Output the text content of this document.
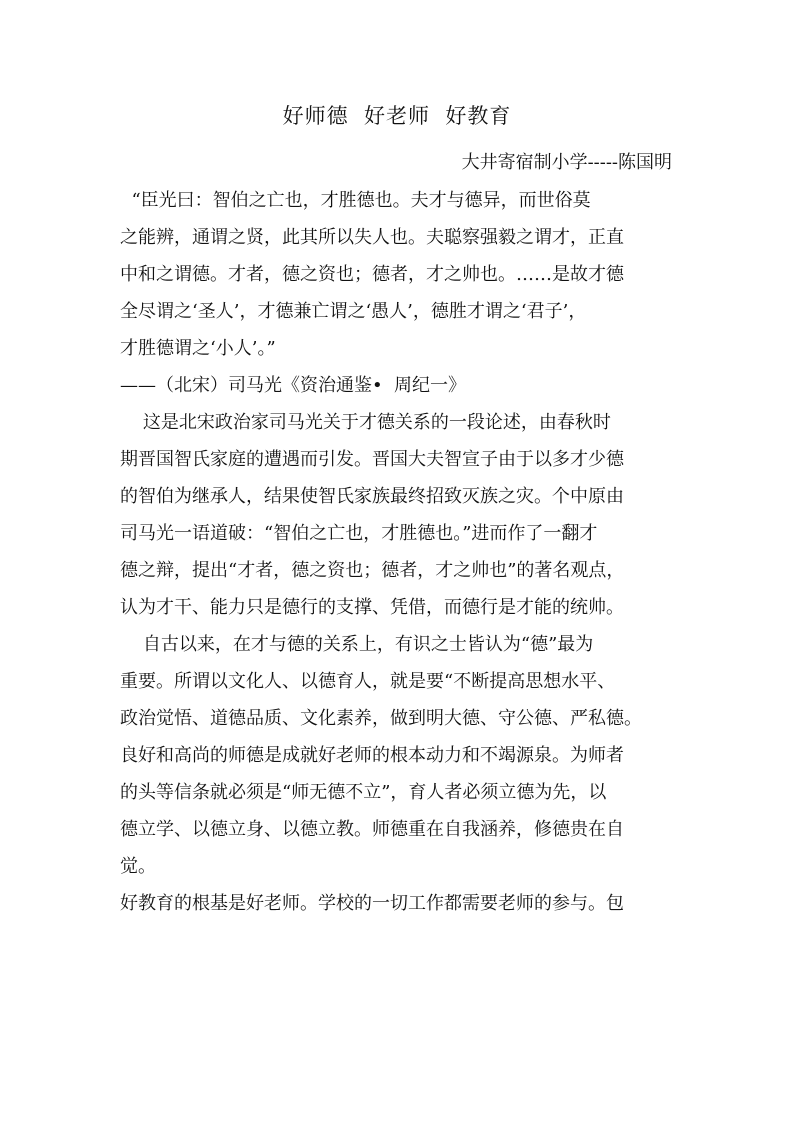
好师德  好老师  好教育
大井寄宿制小学-----陈国明
“臣光曰：智伯之亡也，才胜德也。夫才与德异，而世俗莫
之能辨，通谓之贤，此其所以失人也。夫聪察强毅之谓才，正直
中和之谓德。才者，德之资也；德者，才之帅也。……是故才德
全尽谓之‘圣人’，才德兼亡谓之‘愚人’，德胜才谓之‘君子’，
才胜德谓之‘小人’。”
——（北宋）司马光《资治通鉴•  周纪一》
这是北宋政治家司马光关于才德关系的一段论述，由春秋时
期晋国智氏家庭的遭遇而引发。晋国大夫智宣子由于以多才少德
的智伯为继承人，结果使智氏家族最终招致灭族之灾。个中原由
司马光一语道破：“智伯之亡也，才胜德也。”进而作了一翻才
德之辩，提出“才者，德之资也；德者，才之帅也”的著名观点，
认为才干、能力只是德行的支撑、凭借，而德行是才能的统帅。
自古以来，在才与德的关系上，有识之士皆认为“德”最为
重要。所谓以文化人、以德育人，就是要“不断提高思想水平、
政治觉悟、道德品质、文化素养，做到明大德、守公德、严私德。
良好和高尚的师德是成就好老师的根本动力和不竭源泉。为师者
的头等信条就必须是“师无德不立”，育人者必须立德为先，以
德立学、以德立身、以德立教。师德重在自我涵养，修德贵在自
觉。
好教育的根基是好老师。学校的一切工作都需要老师的参与。包
